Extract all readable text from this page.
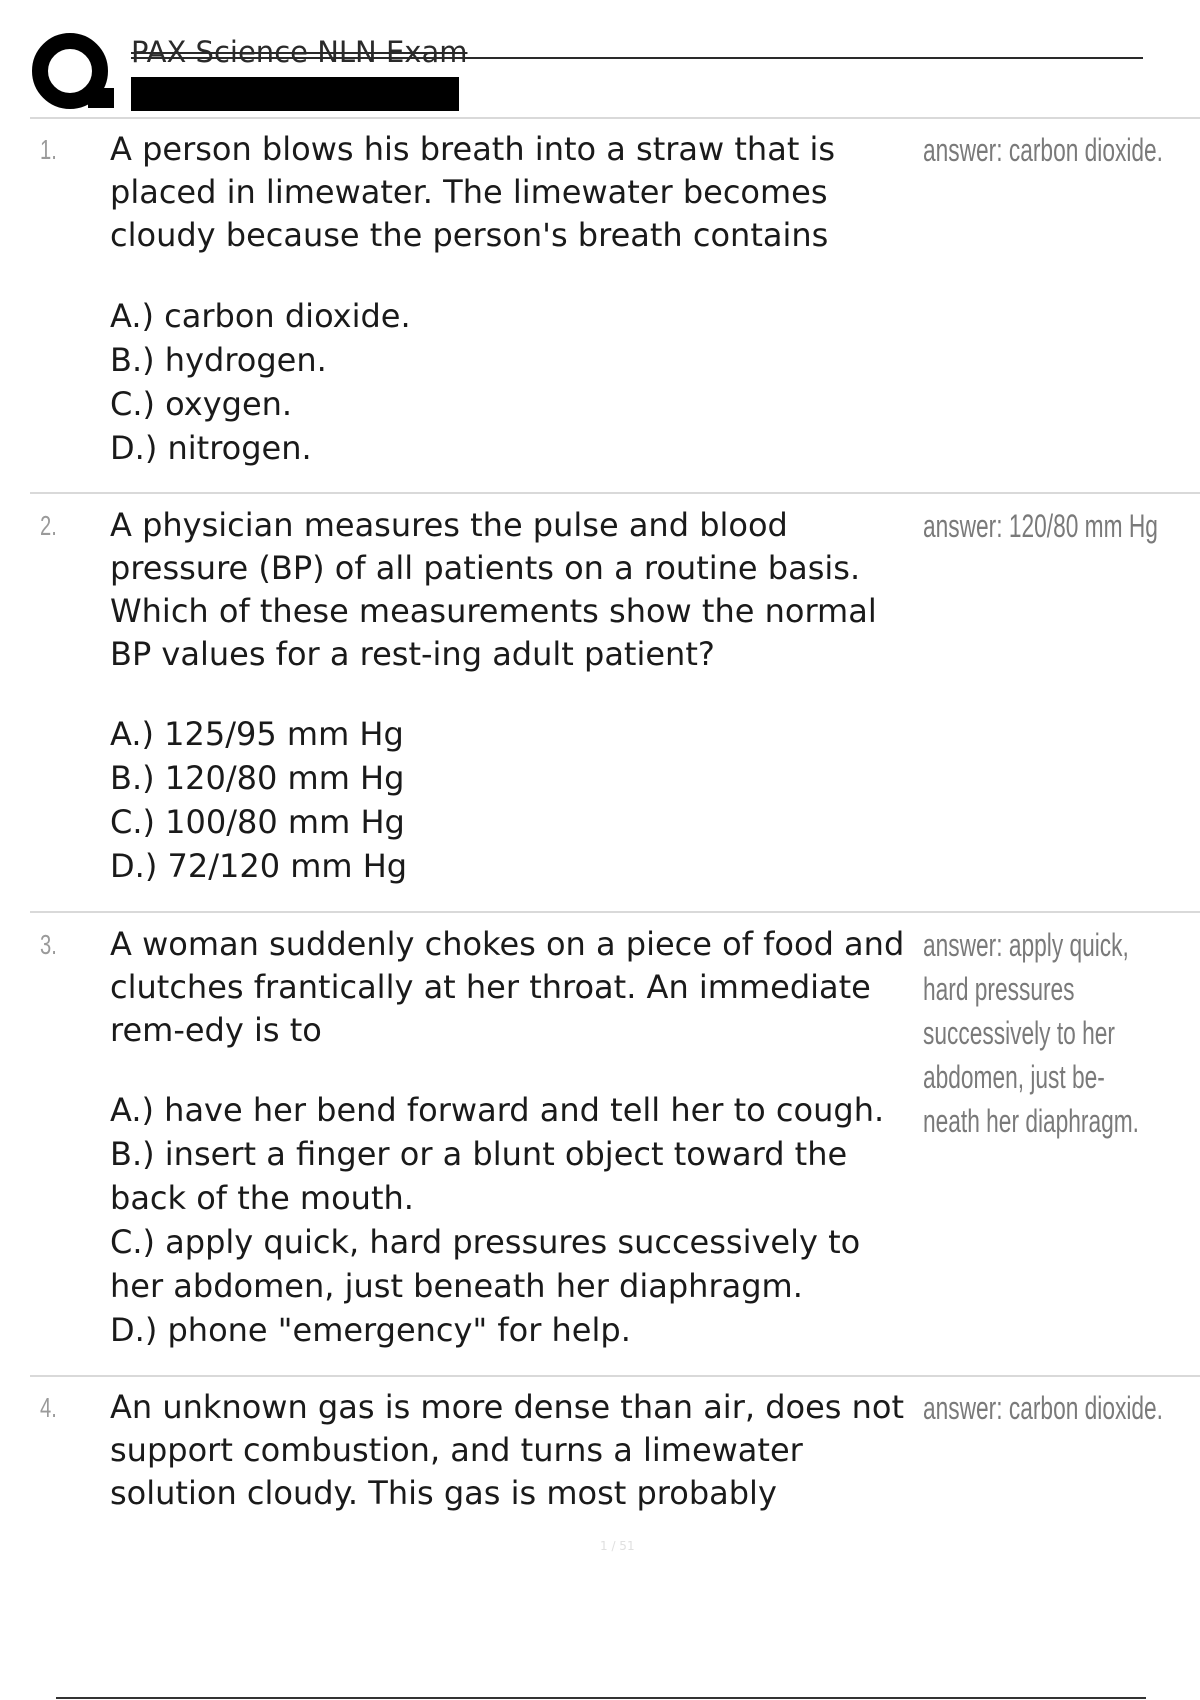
PAX Science NLN Exam
1. A person blows his breath into a straw that is placed in limewater. The limewater becomes cloudy because the person's breath contains

A.) carbon dioxide.
B.) hydrogen.
C.) oxygen.
D.) nitrogen.
answer: carbon dioxide.
2. A physician measures the pulse and blood pressure (BP) of all patients on a routine basis. Which of these measurements show the normal BP values for a rest-ing adult patient?

A.) 125/95 mm Hg
B.) 120/80 mm Hg
C.) 100/80 mm Hg
D.) 72/120 mm Hg
answer: 120/80 mm Hg
3. A woman suddenly chokes on a piece of food and clutches frantically at her throat. An immediate rem-edy is to

A.) have her bend forward and tell her to cough.
B.) insert a finger or a blunt object toward the back of the mouth.
C.) apply quick, hard pressures successively to her abdomen, just beneath her diaphragm.
D.) phone "emergency" for help.
answer: apply quick, hard pressures successively to her abdomen, just be-neath her diaphragm.
4. An unknown gas is more dense than air, does not support combustion, and turns a limewater solution cloudy. This gas is most probably

answer: carbon dioxide.
1 / 51
